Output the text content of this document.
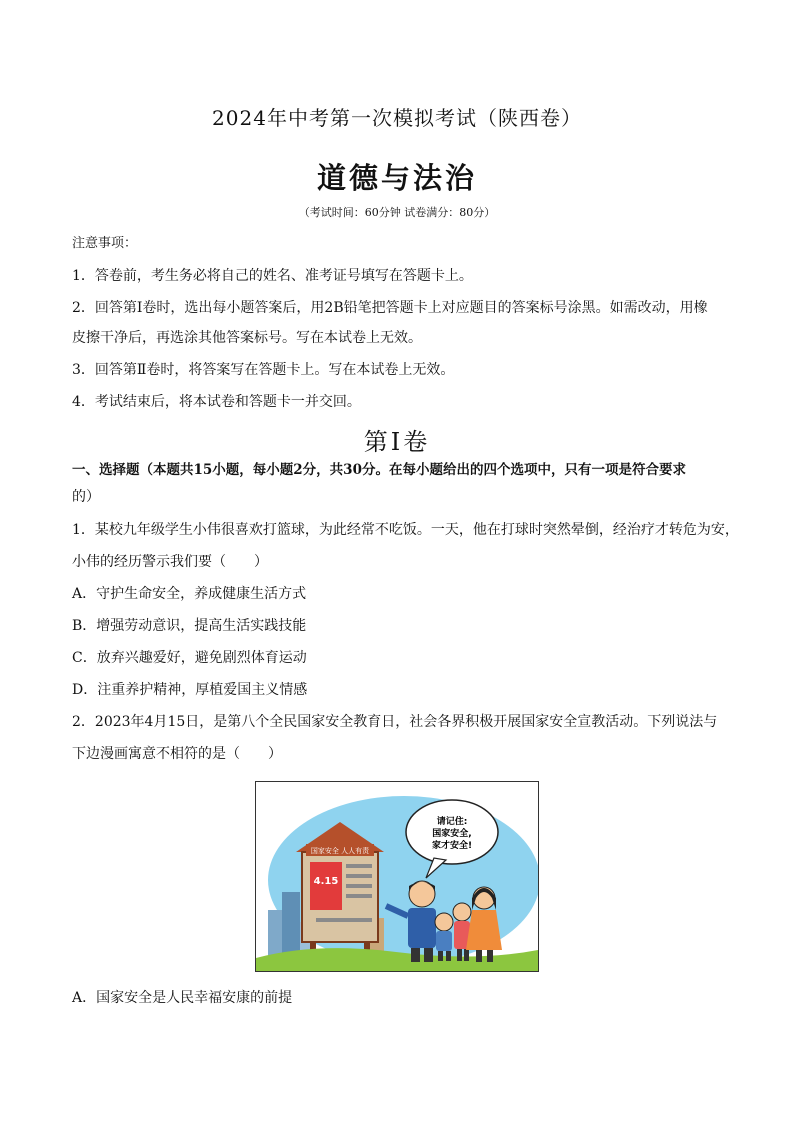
2024年中考第一次模拟考试（陕西卷）
道德与法治
（考试时间：60分钟 试卷满分：80分）
注意事项：
1．答卷前，考生务必将自己的姓名、准考证号填写在答题卡上。
2．回答第Ⅰ卷时，选出每小题答案后，用2B铅笔把答题卡上对应题目的答案标号涂黑。如需改动，用橡
皮擦干净后，再选涂其他答案标号。写在本试卷上无效。
3．回答第Ⅱ卷时，将答案写在答题卡上。写在本试卷上无效。
4．考试结束后，将本试卷和答题卡一并交回。
第Ⅰ卷
一、选择题（本题共15小题，每小题2分，共30分。在每小题给出的四个选项中，只有一项是符合要求
的）
1．某校九年级学生小伟很喜欢打篮球，为此经常不吃饭。一天，他在打球时突然晕倒，经治疗才转危为安，
小伟的经历警示我们要（　　）
A．守护生命安全，养成健康生活方式
B．增强劳动意识，提高生活实践技能
C．放弃兴趣爱好，避免剧烈体育运动
D．注重养护精神，厚植爱国主义情感
2．2023年4月15日，是第八个全民国家安全教育日，社会各界积极开展国家安全宣教活动。下列说法与
下边漫画寓意不相符的是（　　）
国家安全 人人有责
4.15
请记住:
国家安全,
家才安全!
A．国家安全是人民幸福安康的前提
